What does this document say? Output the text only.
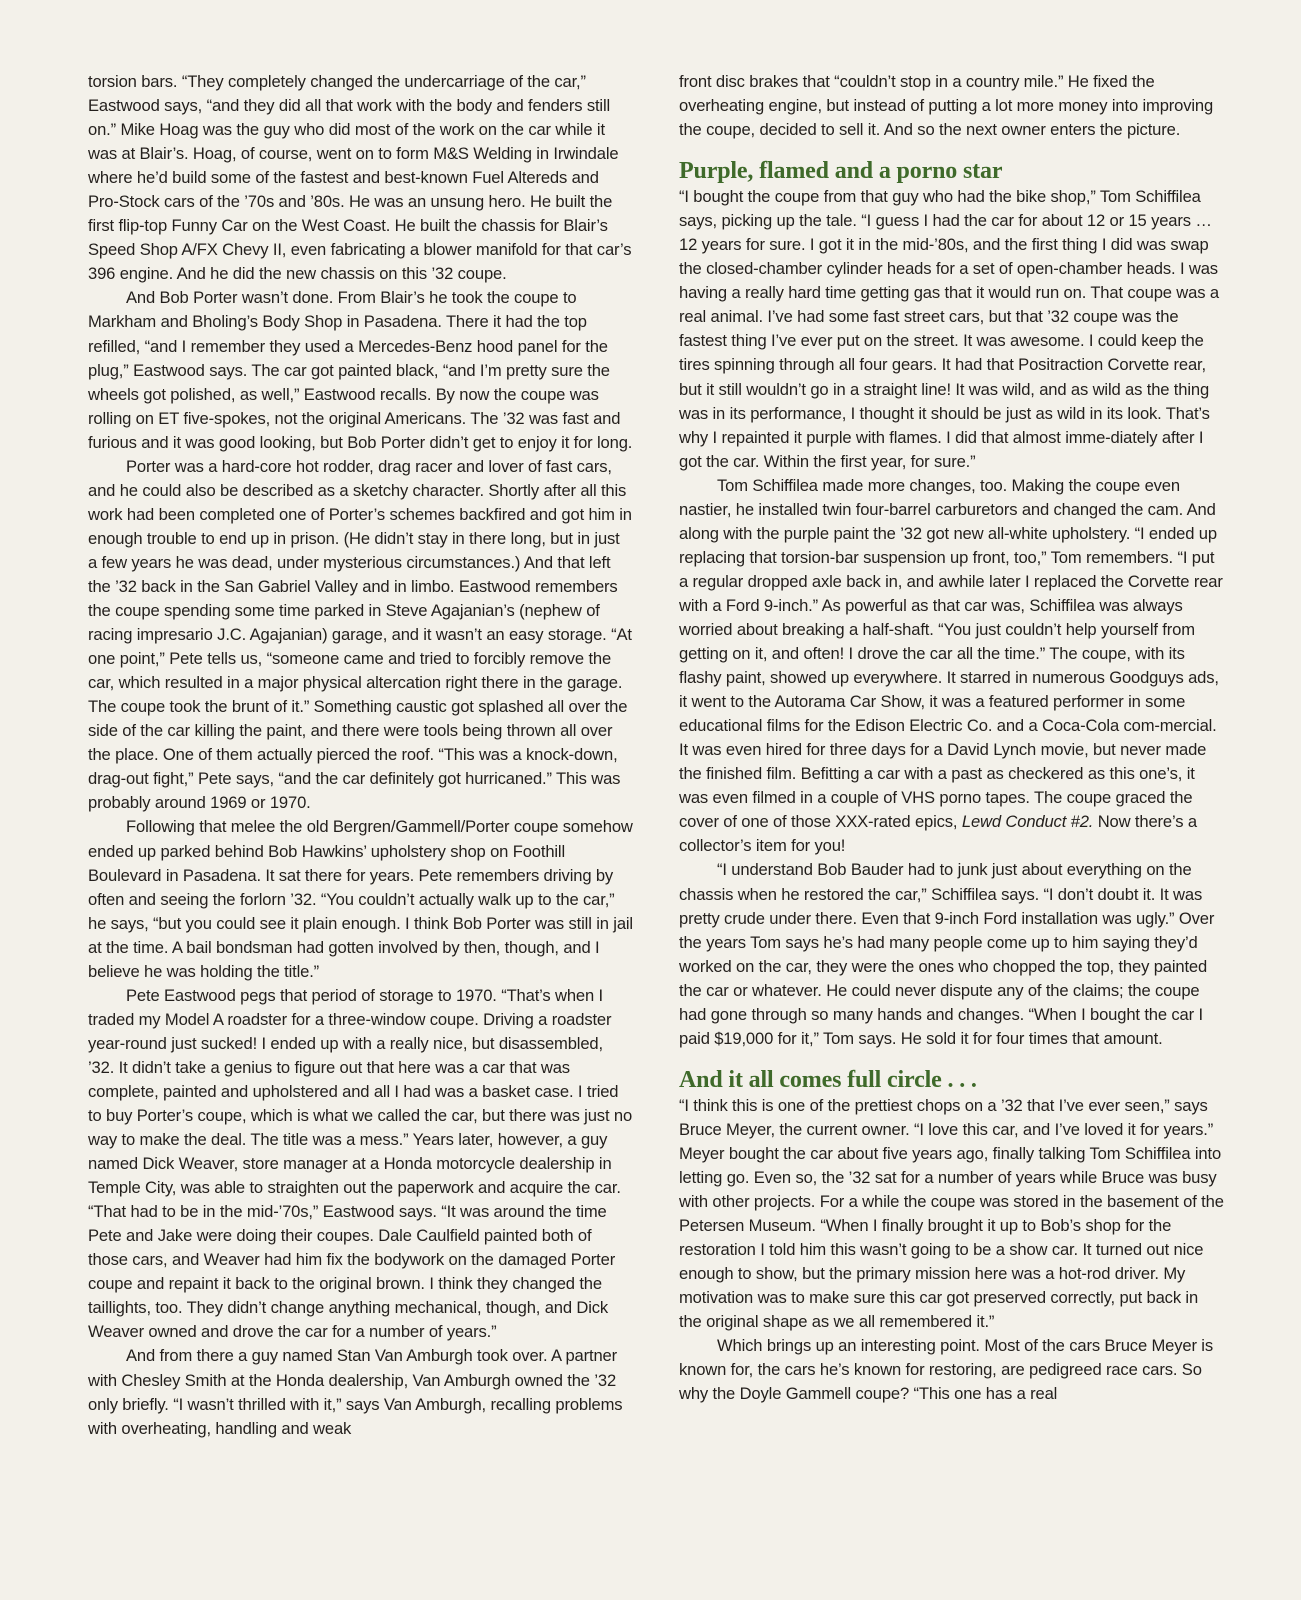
torsion bars. “They completely changed the undercarriage of the car,” Eastwood says, “and they did all that work with the body and fenders still on.” Mike Hoag was the guy who did most of the work on the car while it was at Blair’s. Hoag, of course, went on to form M&S Welding in Irwindale where he’d build some of the fastest and best-known Fuel Altereds and Pro-Stock cars of the ’70s and ’80s. He was an unsung hero. He built the first flip-top Funny Car on the West Coast. He built the chassis for Blair’s Speed Shop A/FX Chevy II, even fabricating a blower manifold for that car’s 396 engine. And he did the new chassis on this ’32 coupe.

And Bob Porter wasn’t done. From Blair’s he took the coupe to Markham and Bholing’s Body Shop in Pasadena. There it had the top refilled, “and I remember they used a Mercedes-Benz hood panel for the plug,” Eastwood says. The car got painted black, “and I’m pretty sure the wheels got polished, as well,” Eastwood recalls. By now the coupe was rolling on ET five-spokes, not the original Americans. The ’32 was fast and furious and it was good looking, but Bob Porter didn’t get to enjoy it for long.

Porter was a hard-core hot rodder, drag racer and lover of fast cars, and he could also be described as a sketchy character. Shortly after all this work had been completed one of Porter’s schemes backfired and got him in enough trouble to end up in prison. (He didn’t stay in there long, but in just a few years he was dead, under mysterious circumstances.) And that left the ’32 back in the San Gabriel Valley and in limbo. Eastwood remembers the coupe spending some time parked in Steve Agajanian’s (nephew of racing impresario J.C. Agajanian) garage, and it wasn’t an easy storage. “At one point,” Pete tells us, “someone came and tried to forcibly remove the car, which resulted in a major physical altercation right there in the garage. The coupe took the brunt of it.” Something caustic got splashed all over the side of the car killing the paint, and there were tools being thrown all over the place. One of them actually pierced the roof. “This was a knock-down, drag-out fight,” Pete says, “and the car definitely got hurricaned.” This was probably around 1969 or 1970.

Following that melee the old Bergren/Gammell/Porter coupe somehow ended up parked behind Bob Hawkins’ upholstery shop on Foothill Boulevard in Pasadena. It sat there for years. Pete remembers driving by often and seeing the forlorn ’32. “You couldn’t actually walk up to the car,” he says, “but you could see it plain enough. I think Bob Porter was still in jail at the time. A bail bondsman had gotten involved by then, though, and I believe he was holding the title.”

Pete Eastwood pegs that period of storage to 1970. “That’s when I traded my Model A roadster for a three-window coupe. Driving a roadster year-round just sucked! I ended up with a really nice, but disassembled, ’32. It didn’t take a genius to figure out that here was a car that was complete, painted and upholstered and all I had was a basket case. I tried to buy Porter’s coupe, which is what we called the car, but there was just no way to make the deal. The title was a mess.” Years later, however, a guy named Dick Weaver, store manager at a Honda motorcycle dealership in Temple City, was able to straighten out the paperwork and acquire the car. “That had to be in the mid-’70s,” Eastwood says. “It was around the time Pete and Jake were doing their coupes. Dale Caulfield painted both of those cars, and Weaver had him fix the bodywork on the damaged Porter coupe and repaint it back to the original brown. I think they changed the taillights, too. They didn’t change anything mechanical, though, and Dick Weaver owned and drove the car for a number of years.”

And from there a guy named Stan Van Amburgh took over. A partner with Chesley Smith at the Honda dealership, Van Amburgh owned the ’32 only briefly. “I wasn’t thrilled with it,” says Van Amburgh, recalling problems with overheating, handling and weak

front disc brakes that “couldn’t stop in a country mile.” He fixed the overheating engine, but instead of putting a lot more money into improving the coupe, decided to sell it. And so the next owner enters the picture.

Purple, flamed and a porno star

“I bought the coupe from that guy who had the bike shop,” Tom Schiffilea says, picking up the tale. “I guess I had the car for about 12 or 15 years … 12 years for sure. I got it in the mid-’80s, and the first thing I did was swap the closed-chamber cylinder heads for a set of open-chamber heads. I was having a really hard time getting gas that it would run on. That coupe was a real animal. I’ve had some fast street cars, but that ’32 coupe was the fastest thing I’ve ever put on the street. It was awesome. I could keep the tires spinning through all four gears. It had that Positraction Corvette rear, but it still wouldn’t go in a straight line! It was wild, and as wild as the thing was in its performance, I thought it should be just as wild in its look. That’s why I repainted it purple with flames. I did that almost imme-diately after I got the car. Within the first year, for sure.”

Tom Schiffilea made more changes, too. Making the coupe even nastier, he installed twin four-barrel carburetors and changed the cam. And along with the purple paint the ’32 got new all-white upholstery. “I ended up replacing that torsion-bar suspension up front, too,” Tom remembers. “I put a regular dropped axle back in, and awhile later I replaced the Corvette rear with a Ford 9-inch.” As powerful as that car was, Schiffilea was always worried about breaking a half-shaft. “You just couldn’t help yourself from getting on it, and often! I drove the car all the time.” The coupe, with its flashy paint, showed up everywhere. It starred in numerous Goodguys ads, it went to the Autorama Car Show, it was a featured performer in some educational films for the Edison Electric Co. and a Coca-Cola com-mercial. It was even hired for three days for a David Lynch movie, but never made the finished film. Befitting a car with a past as checkered as this one’s, it was even filmed in a couple of VHS porno tapes. The coupe graced the cover of one of those XXX-rated epics, Lewd Conduct #2. Now there’s a collector’s item for you!

“I understand Bob Bauder had to junk just about everything on the chassis when he restored the car,” Schiffilea says. “I don’t doubt it. It was pretty crude under there. Even that 9-inch Ford installation was ugly.” Over the years Tom says he’s had many people come up to him saying they’d worked on the car, they were the ones who chopped the top, they painted the car or whatever. He could never dispute any of the claims; the coupe had gone through so many hands and changes. “When I bought the car I paid $19,000 for it,” Tom says. He sold it for four times that amount.

And it all comes full circle . . .

“I think this is one of the prettiest chops on a ’32 that I’ve ever seen,” says Bruce Meyer, the current owner. “I love this car, and I’ve loved it for years.” Meyer bought the car about five years ago, finally talking Tom Schiffilea into letting go. Even so, the ’32 sat for a number of years while Bruce was busy with other projects. For a while the coupe was stored in the basement of the Petersen Museum. “When I finally brought it up to Bob’s shop for the restoration I told him this wasn’t going to be a show car. It turned out nice enough to show, but the primary mission here was a hot-rod driver. My motivation was to make sure this car got preserved correctly, put back in the original shape as we all remembered it.”

Which brings up an interesting point. Most of the cars Bruce Meyer is known for, the cars he’s known for restoring, are pedigreed race cars. So why the Doyle Gammell coupe? “This one has a real
